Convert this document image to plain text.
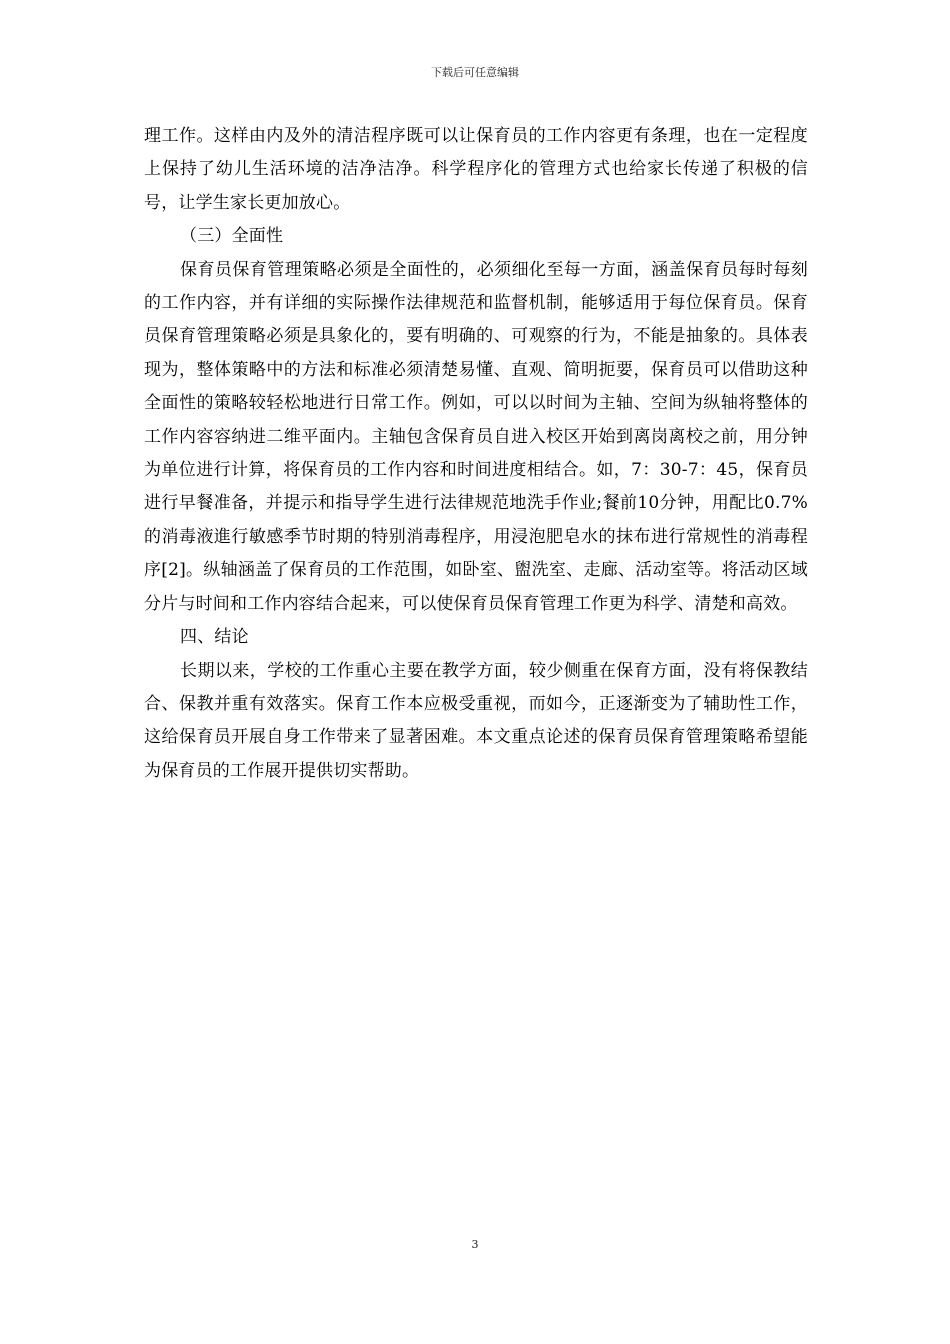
下载后可任意编辑

理工作。这样由内及外的清洁程序既可以让保育员的工作内容更有条理，也在一定程度上保持了幼儿生活环境的洁净洁净。科学程序化的管理方式也给家长传递了积极的信号，让学生家长更加放心。

（三）全面性

保育员保育管理策略必须是全面性的，必须细化至每一方面，涵盖保育员每时每刻的工作内容，并有详细的实际操作法律规范和监督机制，能够适用于每位保育员。保育员保育管理策略必须是具象化的，要有明确的、可观察的行为，不能是抽象的。具体表现为，整体策略中的方法和标准必须清楚易懂、直观、简明扼要，保育员可以借助这种全面性的策略较轻松地进行日常工作。例如，可以以时间为主轴、空间为纵轴将整体的工作内容容纳进二维平面内。主轴包含保育员自进入校区开始到离岗离校之前，用分钟为单位进行计算，将保育员的工作内容和时间进度相结合。如，7：30-7：45，保育员进行早餐准备，并提示和指导学生进行法律规范地洗手作业;餐前10分钟，用配比0.7%的消毒液進行敏感季节时期的特别消毒程序，用浸泡肥皂水的抹布进行常规性的消毒程序[2]。纵轴涵盖了保育员的工作范围，如卧室、盥洗室、走廊、活动室等。将活动区域分片与时间和工作内容结合起来，可以使保育员保育管理工作更为科学、清楚和高效。

四、结论

长期以来，学校的工作重心主要在教学方面，较少侧重在保育方面，没有将保教结合、保教并重有效落实。保育工作本应极受重视，而如今，正逐渐变为了辅助性工作，这给保育员开展自身工作带来了显著困难。本文重点论述的保育员保育管理策略希望能为保育员的工作展开提供切实帮助。

3
